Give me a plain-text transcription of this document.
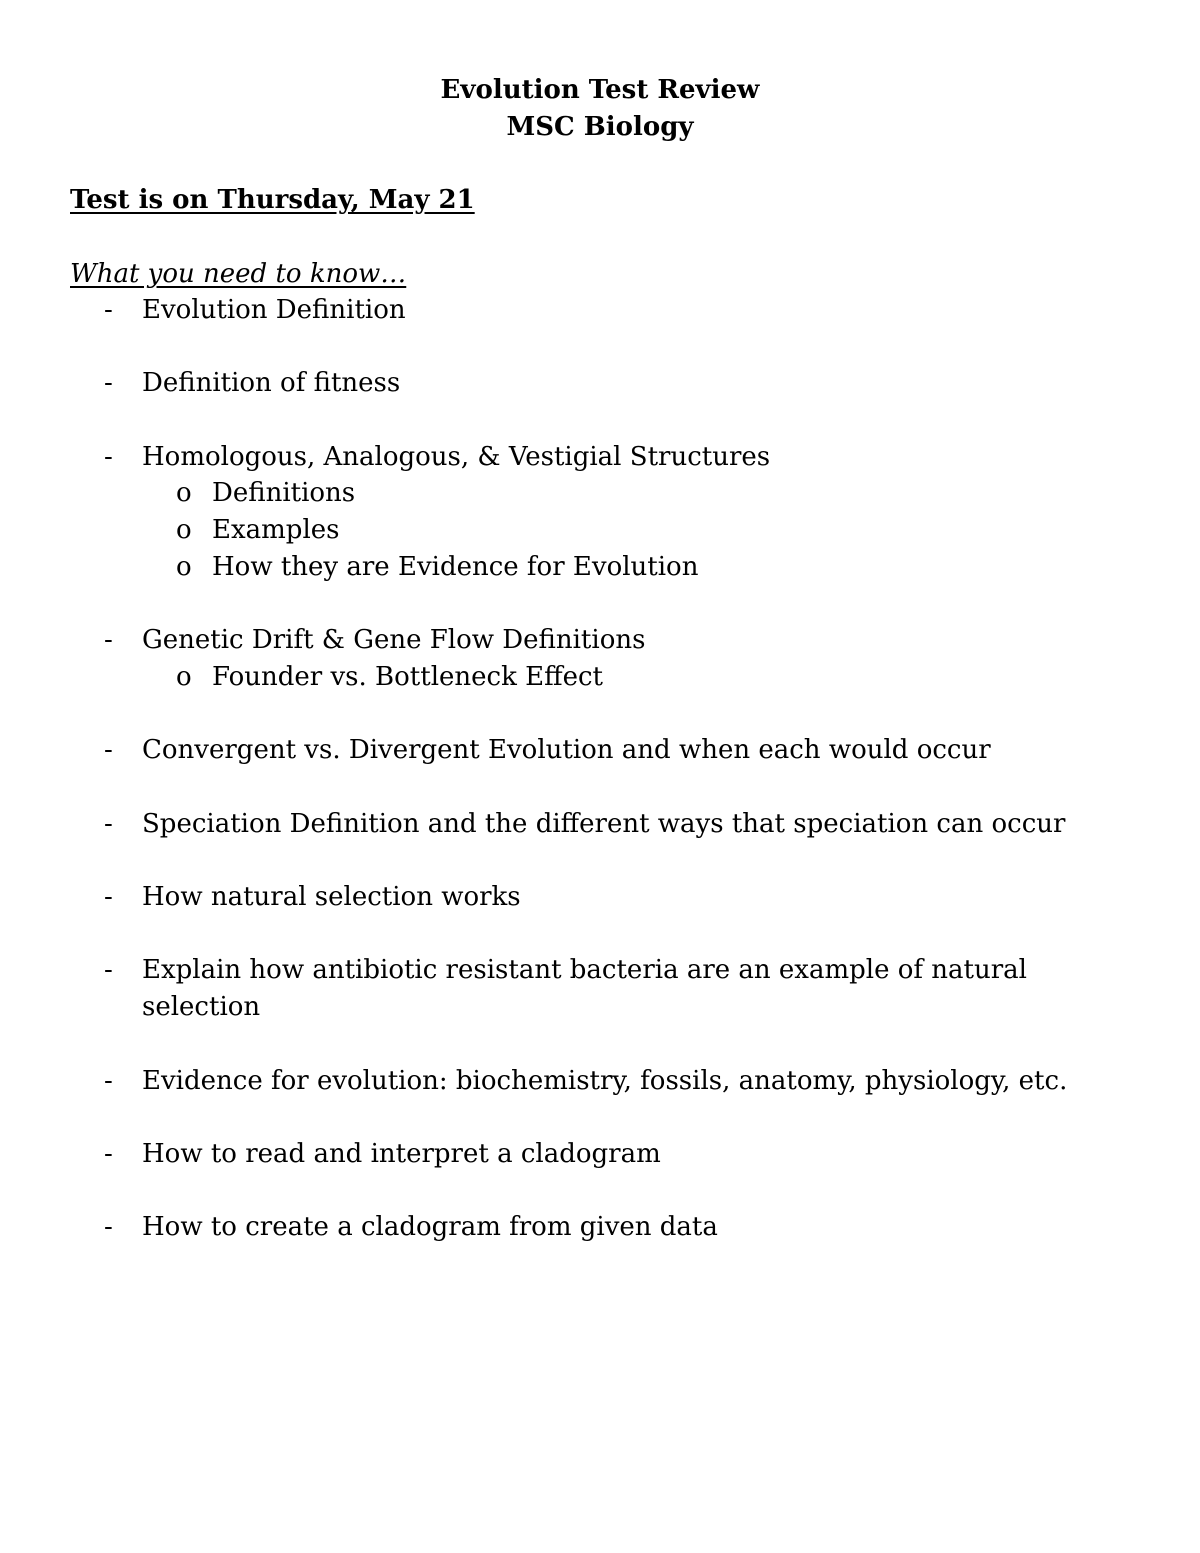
Evolution Test Review
MSC Biology
Test is on Thursday, May 21
What you need to know…
- Evolution Definition
- Definition of fitness
- Homologous, Analogous, & Vestigial Structures
o Definitions
o Examples
o How they are Evidence for Evolution
- Genetic Drift & Gene Flow Definitions
o Founder vs. Bottleneck Effect
- Convergent vs. Divergent Evolution and when each would occur
- Speciation Definition and the different ways that speciation can occur
- How natural selection works
- Explain how antibiotic resistant bacteria are an example of natural selection
- Evidence for evolution: biochemistry, fossils, anatomy, physiology, etc.
- How to read and interpret a cladogram
- How to create a cladogram from given data
